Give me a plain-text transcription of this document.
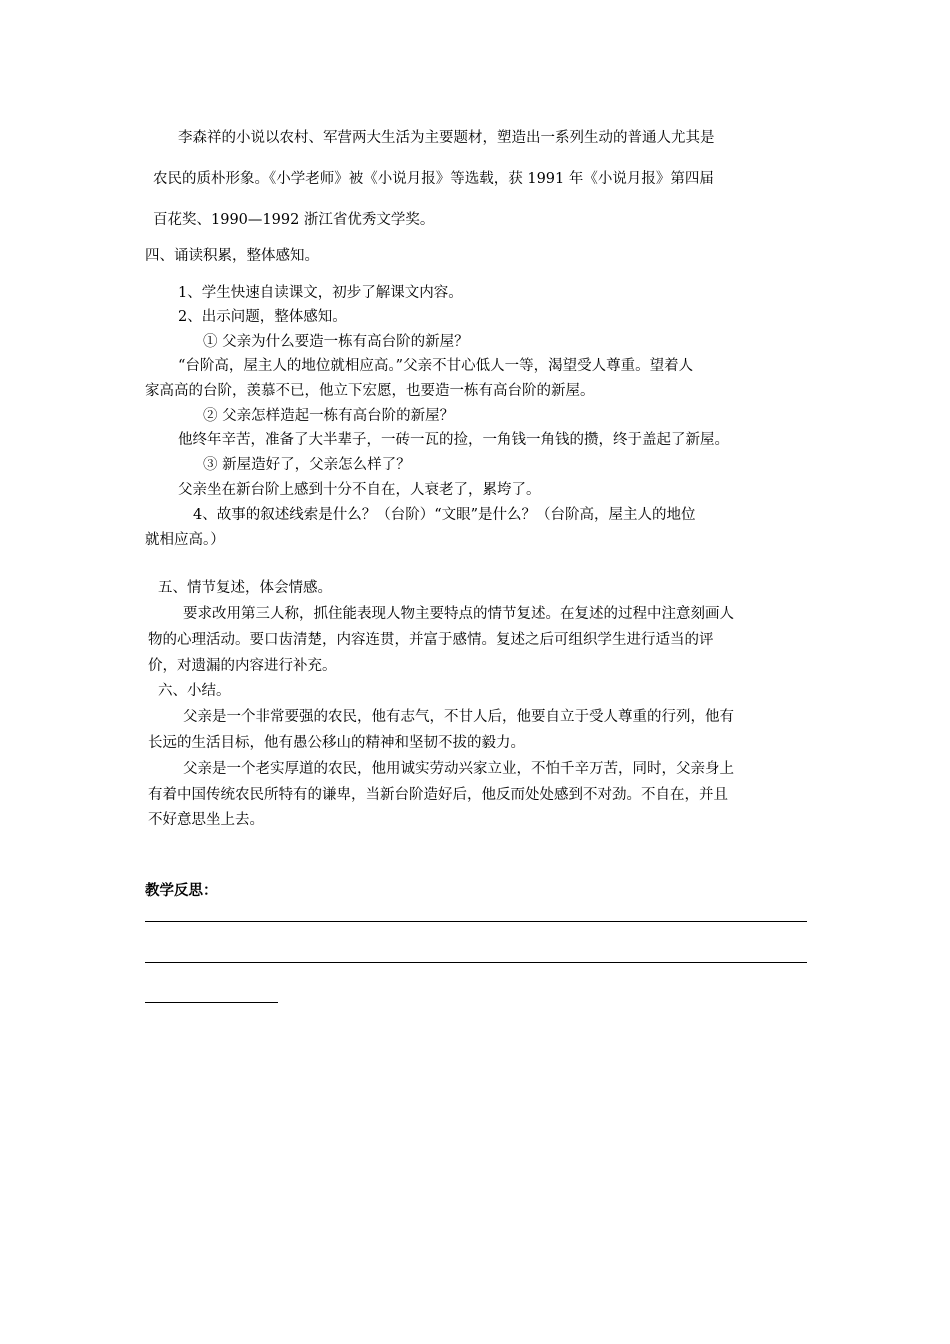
李森祥的小说以农村、军营两大生活为主要题材，塑造出一系列生动的普通人尤其是
农民的质朴形象。《小学老师》被《小说月报》等选载，获 1991 年《小说月报》第四届
百花奖、1990—1992 浙江省优秀文学奖。
四、诵读积累，整体感知。
1、学生快速自读课文，初步了解课文内容。
2、出示问题，整体感知。
① 父亲为什么要造一栋有高台阶的新屋？
“台阶高，屋主人的地位就相应高。”父亲不甘心低人一等，渴望受人尊重。望着人
家高高的台阶，羡慕不已，他立下宏愿，也要造一栋有高台阶的新屋。
② 父亲怎样造起一栋有高台阶的新屋？
他终年辛苦，准备了大半辈子，一砖一瓦的捡，一角钱一角钱的攒，终于盖起了新屋。
③ 新屋造好了，父亲怎么样了？
父亲坐在新台阶上感到十分不自在，人衰老了，累垮了。
4、故事的叙述线索是什么？（台阶）“文眼”是什么？（台阶高，屋主人的地位
就相应高。）
五、情节复述，体会情感。
要求改用第三人称，抓住能表现人物主要特点的情节复述。在复述的过程中注意刻画人
物的心理活动。要口齿清楚，内容连贯，并富于感情。复述之后可组织学生进行适当的评
价，对遗漏的内容进行补充。
六、小结。
父亲是一个非常要强的农民，他有志气，不甘人后，他要自立于受人尊重的行列，他有
长远的生活目标，他有愚公移山的精神和坚韧不拔的毅力。
父亲是一个老实厚道的农民，他用诚实劳动兴家立业，不怕千辛万苦，同时，父亲身上
有着中国传统农民所特有的谦卑，当新台阶造好后，他反而处处感到不对劲。不自在，并且
不好意思坐上去。
教学反思：
